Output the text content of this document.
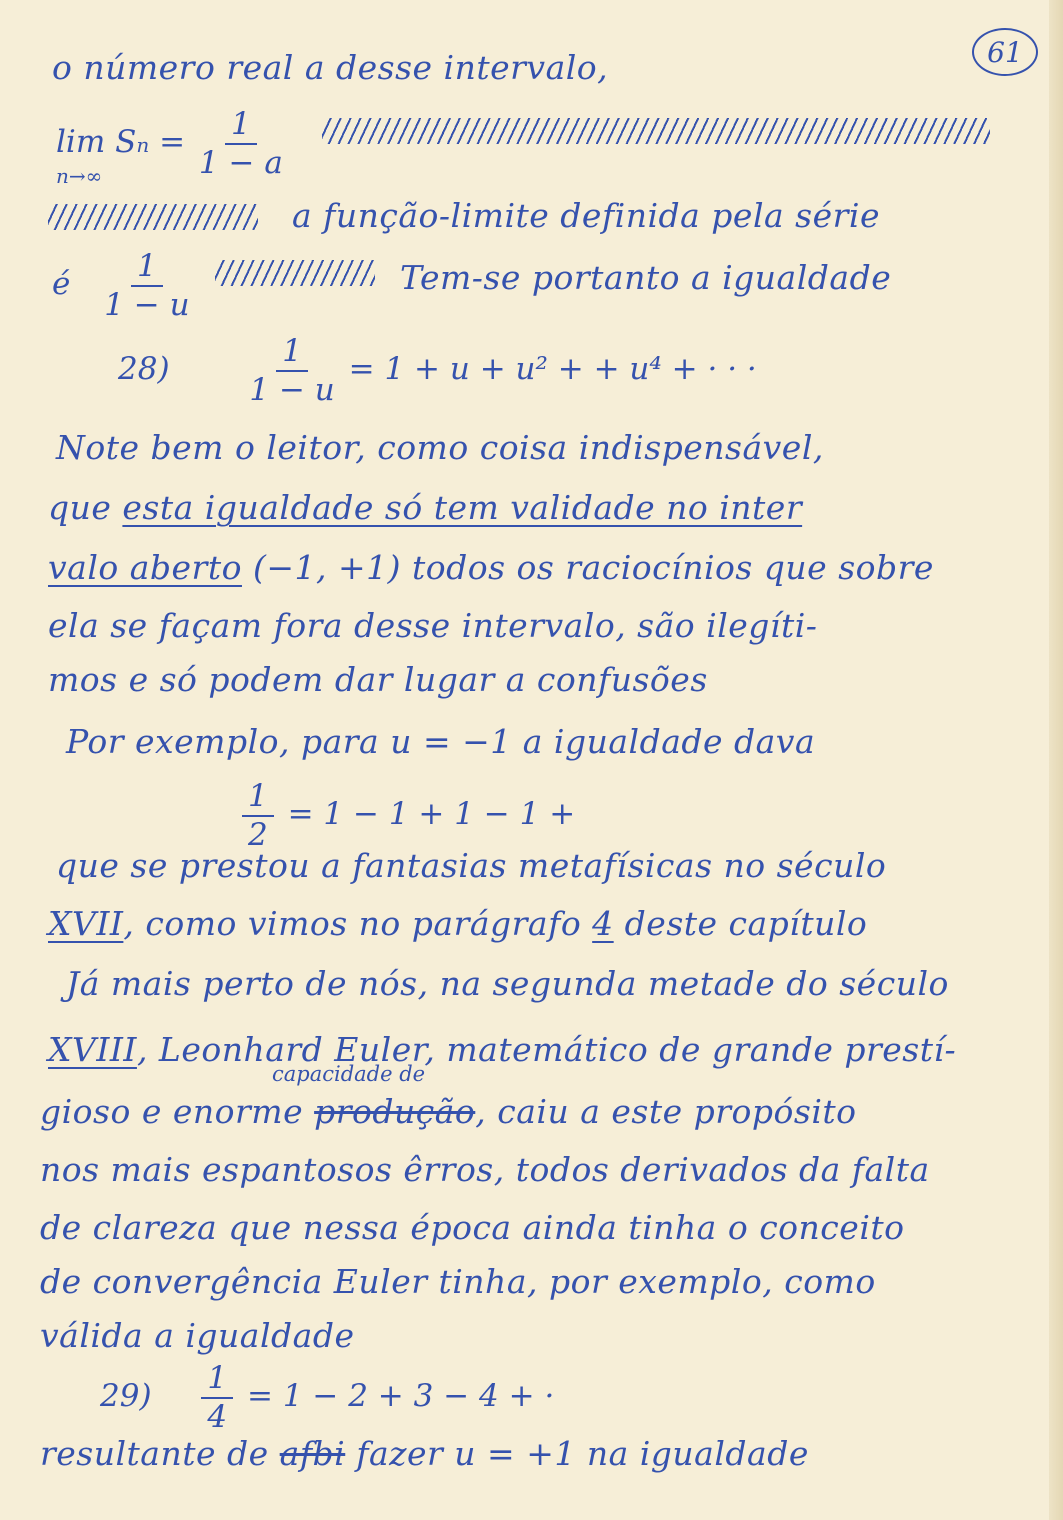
61
o número real a desse intervalo,
lim Sn =
n→∞
	$\frac{1}{1 - a}$
a função-limite definida pela série
é $\frac{1}{1 - u}$	Tem-se portanto a igualdade
28)	$\frac{1}{1 - u} = 1 + u + u^2$ + + u⁴ + · · ·
Note bem o leitor, como coisa indispensável,
que esta igualdade só tem validade no inter
valo aberto (−1, +1) todos os raciocínios que sobre
ela se façam fora desse intervalo, são ilegíti-
mos e só podem dar lugar a confusões
Por exemplo, para u = −1 a igualdade dava
$\frac{1}{2} = 1 - 1 + 1 - 1$ +
que se prestou a fantasias metafísicas no século
XVII, como vimos no parágrafo 4 deste capítulo
Já mais perto de nós, na segunda metade do século
XVIII, Leonhard Euler, matemático de grande prestí-
capacidade de
gioso e enorme produção, caiu a este propósito
nos mais espantosos êrros, todos derivados da falta
de clareza que nessa época ainda tinha o conceito
de convergência Euler tinha, por exemplo, como
válida a igualdade
$29) \frac{1}{4} = 1 - 2 + 3 - 4$ + ·
resultante de afbi fazer u = +1 na igualdade
